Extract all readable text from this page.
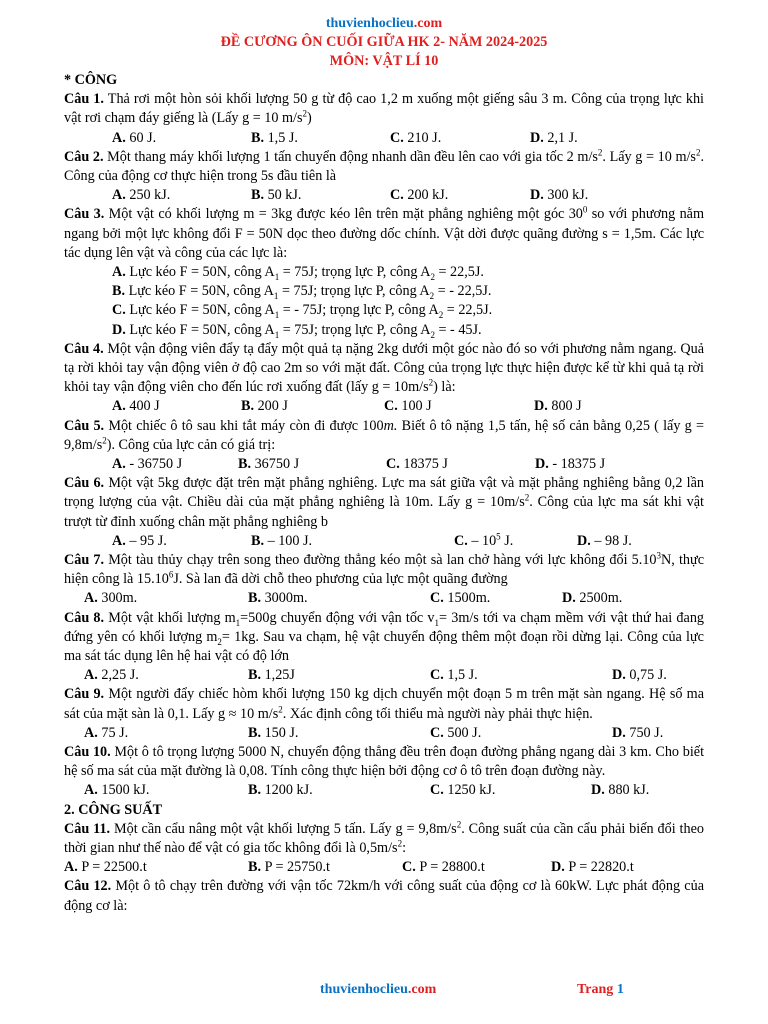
thuvienhoclieu.com
ĐỀ CƯƠNG ÔN CUỐI GIỮA HK 2- NĂM 2024-2025
MÔN: VẬT LÍ 10
* CÔNG

Câu 1. Thả rơi một hòn sỏi khối lượng 50 g từ độ cao 1,2 m xuống một giếng sâu 3 m. Công của trọng lực khi vật rơi chạm đáy giếng là (Lấy g = 10 $m/s^2$)

A. 60 J.	B. 1,5 J.	C. 210 J.	D. 2,1 J.

Câu 2. Một thang máy khối lượng 1 tấn chuyển động nhanh dần đều lên cao với gia tốc 2 $m/s^2$. Lấy g = 10 $m/s^2$. Công của động cơ thực hiện trong 5s đầu tiên là

A. 250 kJ.	B. 50 kJ.	C. 200 kJ.	D. 300 kJ.

Câu 3. Một vật có khối lượng m = 3kg được kéo lên trên mặt phẳng nghiêng một góc $30^0$ so với phương nằm ngang bởi một lực không đổi F = 50N dọc theo đường dốc chính. Vật dời được quãng đường s = 1,5m. Các lực tác dụng lên vật và công của các lực là:

A. Lực kéo F = 50N, công $A_1 = 75J$; trọng lực P, công $A_2 = 22,5J$.
B. Lực kéo F = 50N, công $A_1 = 75J$; trọng lực P, công $A_2$ = - 22,5J.
C. Lực kéo F = 50N, công $A_1$ = - 75J; trọng lực P, công $A_2 = 22,5J$.
D. Lực kéo F = 50N, công $A_1 = 75J$; trọng lực P, công $A_2$ = - 45J.

Câu 4. Một vận động viên đẩy tạ đẩy một quả tạ nặng 2kg dưới một góc nào đó so với phương nằm ngang. Quả tạ rời khỏi tay vận động viên ở độ cao 2m so với mặt đất. Công của trọng lực thực hiện được kể từ khi quả tạ rời khỏi tay vận động viên cho đến lúc rơi xuống đất (lấy $g = 10m/s^2$) là:

A. 400 J	B. 200 J	C. 100 J	D. 800 J

Câu 5. Một chiếc ô tô sau khi tắt máy còn đi được 100m. Biết ô tô nặng 1,5 tấn, hệ số cản bằng 0,25 ( lấy $g = 9,8m/s^2$). Công của lực cản có giá trị:

A. - 36750 J	B. 36750 J	C. 18375 J	D. - 18375 J

Câu 6. Một vật 5kg được đặt trên mặt phẳng nghiêng. Lực ma sát giữa vật và mặt phẳng nghiêng bằng 0,2 lần trọng lượng của vật. Chiều dài của mặt phẳng nghiêng là 10m. Lấy $g = 10m/s^2$. Công của lực ma sát khi vật trượt từ đỉnh xuống chân mặt phẳng nghiêng b

A. – 95 J.	B. – 100 J.	C. – $10^5$ J.	D. – 98 J.

Câu 7. Một tàu thủy chạy trên song theo đường thẳng kéo một sà lan chở hàng với lực không đổi 5.10$^3$N, thực hiện công là 15.10$^6$J. Sà lan đã dời chỗ theo phương của lực một quãng đường

A. 300m.	B. 3000m.	C. 1500m.	D. 2500m.

Câu 8. Một vật khối lượng $m_1=500g$ chuyển động với vận tốc $v_1= 3m/s$ tới va chạm mềm với vật thứ hai đang đứng yên có khối lượng $m_2= 1kg$. Sau va chạm, hệ vật chuyển động thêm một đoạn rồi dừng lại. Công của lực ma sát tác dụng lên hệ hai vật có độ lớn

A. 2,25 J.	B. 1,25J	C. 1,5 J.	D. 0,75 J.

Câu 9. Một người đẩy chiếc hòm khối lượng 150 kg dịch chuyển một đoạn 5 m trên mặt sàn ngang. Hệ số ma sát của mặt sàn là 0,1. Lấy g ≈ 10 $m/s^2$. Xác định công tối thiểu mà người này phải thực hiện.

A. 75 J.	B. 150 J.	C. 500 J.	D. 750 J.

Câu 10. Một ô tô trọng lượng 5000 N, chuyển động thẳng đều trên đoạn đường phẳng ngang dài 3 km. Cho biết hệ số ma sát của mặt đường là 0,08. Tính công thực hiện bởi động cơ ô tô trên đoạn đường này.

A. 1500 kJ.	B. 1200 kJ.	C. 1250 kJ.	D. 880 kJ.
2. CÔNG SUẤT

Câu 11. Một cần cẩu nâng một vật khối lượng 5 tấn. Lấy $g = 9,8m/s^2$. Công suất của cần cẩu phải biến đổi theo thời gian như thế nào để vật có gia tốc không đổi là $0,5m/s^2$:

A. P = 22500.t	B. P = 25750.t	C. P = 28800.t	D. P = 22820.t

Câu 12. Một ô tô chạy trên đường với vận tốc 72km/h với công suất của động cơ là 60kW. Lực phát động của động cơ là:

thuvienhoclieu.com	Trang 1
